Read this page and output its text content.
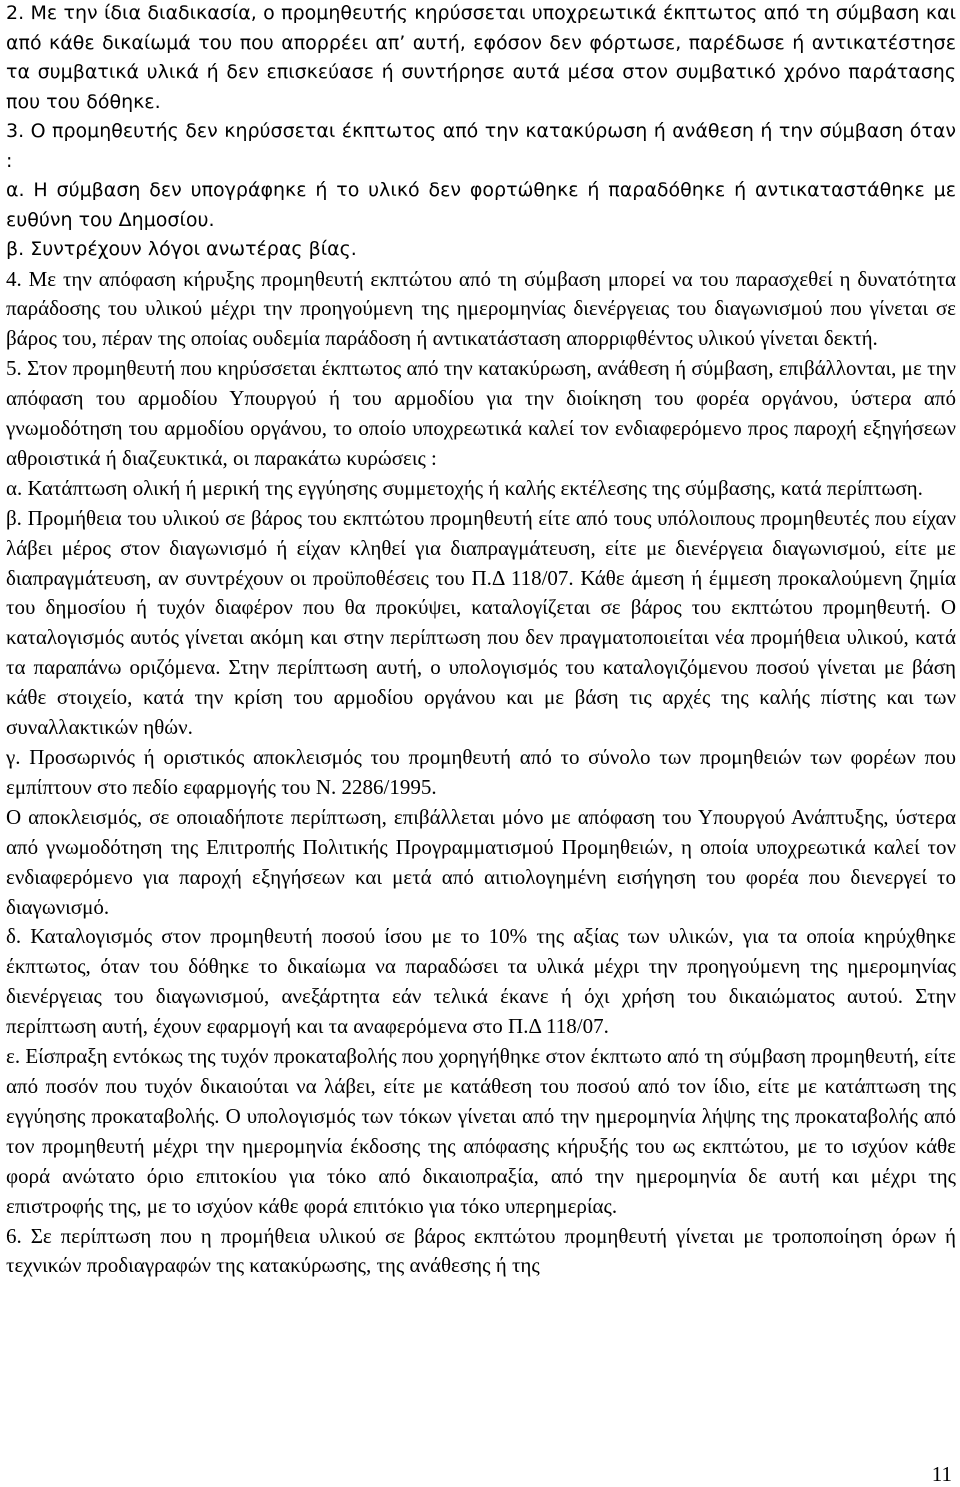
2. Με την ίδια διαδικασία, ο προμηθευτής κηρύσσεται υποχρεωτικά έκπτωτος από τη σύμβαση και από κάθε δικαίωμά του που απορρέει απ’ αυτή, εφόσον δεν φόρτωσε, παρέδωσε ή αντικατέστησε τα συμβατικά υλικά ή δεν επισκεύασε ή συντήρησε αυτά μέσα στον συμβατικό χρόνο παράτασης που του δόθηκε.

3. Ο προμηθευτής δεν κηρύσσεται έκπτωτος από την κατακύρωση ή ανάθεση ή την σύμβαση όταν :

α. Η σύμβαση δεν υπογράφηκε ή το υλικό δεν φορτώθηκε ή παραδόθηκε ή αντικαταστάθηκε με ευθύνη του Δημοσίου.

β. Συντρέχουν λόγοι ανωτέρας βίας.

4. Με την απόφαση κήρυξης προμηθευτή εκπτώτου από τη σύμβαση μπορεί να του παρασχεθεί η δυνατότητα παράδοσης του υλικού μέχρι την προηγούμενη της ημερομηνίας διενέργειας του διαγωνισμού που γίνεται σε βάρος του, πέραν της οποίας ουδεμία παράδοση ή αντικατάσταση απορριφθέντος υλικού γίνεται δεκτή.

5. Στον προμηθευτή που κηρύσσεται έκπτωτος από την κατακύρωση, ανάθεση ή σύμβαση, επιβάλλονται, με την απόφαση του αρμοδίου Υπουργού ή του αρμοδίου για την διοίκηση του φορέα οργάνου, ύστερα από γνωμοδότηση του αρμοδίου οργάνου, το οποίο υποχρεωτικά καλεί τον ενδιαφερόμενο προς παροχή εξηγήσεων αθροιστικά ή διαζευκτικά, οι παρακάτω κυρώσεις :

α. Κατάπτωση ολική ή μερική της εγγύησης συμμετοχής ή καλής εκτέλεσης της σύμβασης, κατά περίπτωση.

β. Προμήθεια του υλικού σε βάρος του εκπτώτου προμηθευτή είτε από τους υπόλοιπους προμηθευτές που είχαν λάβει μέρος στον διαγωνισμό ή είχαν κληθεί για διαπραγμάτευση, είτε με διενέργεια διαγωνισμού, είτε με διαπραγμάτευση, αν συντρέχουν οι προϋποθέσεις του Π.Δ 118/07. Κάθε άμεση ή έμμεση προκαλούμενη ζημία του δημοσίου ή τυχόν διαφέρον που θα προκύψει, καταλογίζεται σε βάρος του εκπτώτου προμηθευτή. Ο καταλογισμός αυτός γίνεται ακόμη και στην περίπτωση που δεν πραγματοποιείται νέα προμήθεια υλικού, κατά τα παραπάνω οριζόμενα. Στην περίπτωση αυτή, ο υπολογισμός του καταλογιζόμενου ποσού γίνεται με βάση κάθε στοιχείο, κατά την κρίση του αρμοδίου οργάνου και με βάση τις αρχές της καλής πίστης και των συναλλακτικών ηθών.

γ. Προσωρινός ή οριστικός αποκλεισμός του προμηθευτή από το σύνολο των προμηθειών των φορέων που εμπίπτουν στο πεδίο εφαρμογής του Ν. 2286/1995.

Ο αποκλεισμός, σε οποιαδήποτε περίπτωση, επιβάλλεται μόνο με απόφαση του Υπουργού Ανάπτυξης, ύστερα από γνωμοδότηση της Επιτροπής Πολιτικής Προγραμματισμού Προμηθειών, η οποία υποχρεωτικά καλεί τον ενδιαφερόμενο για παροχή εξηγήσεων και μετά από αιτιολογημένη εισήγηση του φορέα που διενεργεί το διαγωνισμό.

δ. Καταλογισμός στον προμηθευτή ποσού ίσου με το 10% της αξίας των υλικών, για τα οποία κηρύχθηκε έκπτωτος, όταν του δόθηκε το δικαίωμα να παραδώσει τα υλικά μέχρι την προηγούμενη της ημερομηνίας διενέργειας του διαγωνισμού, ανεξάρτητα εάν τελικά έκανε ή όχι χρήση του δικαιώματος αυτού. Στην περίπτωση αυτή, έχουν εφαρμογή και τα αναφερόμενα στο Π.Δ 118/07.

ε. Είσπραξη εντόκως της τυχόν προκαταβολής που χορηγήθηκε στον έκπτωτο από τη σύμβαση προμηθευτή, είτε από ποσόν που τυχόν δικαιούται να λάβει, είτε με κατάθεση του ποσού από τον ίδιο, είτε με κατάπτωση της εγγύησης προκαταβολής. Ο υπολογισμός των τόκων γίνεται από την ημερομηνία λήψης της προκαταβολής από τον προμηθευτή μέχρι την ημερομηνία έκδοσης της απόφασης κήρυξής του ως εκπτώτου, με το ισχύον κάθε φορά ανώτατο όριο επιτοκίου για τόκο από δικαιοπραξία, από την ημερομηνία δε αυτή και μέχρι της επιστροφής της, με το ισχύον κάθε φορά επιτόκιο για τόκο υπερημερίας.

6. Σε περίπτωση που η προμήθεια υλικού σε βάρος εκπτώτου προμηθευτή γίνεται με τροποποίηση όρων ή τεχνικών προδιαγραφών της κατακύρωσης, της ανάθεσης ή της

11
